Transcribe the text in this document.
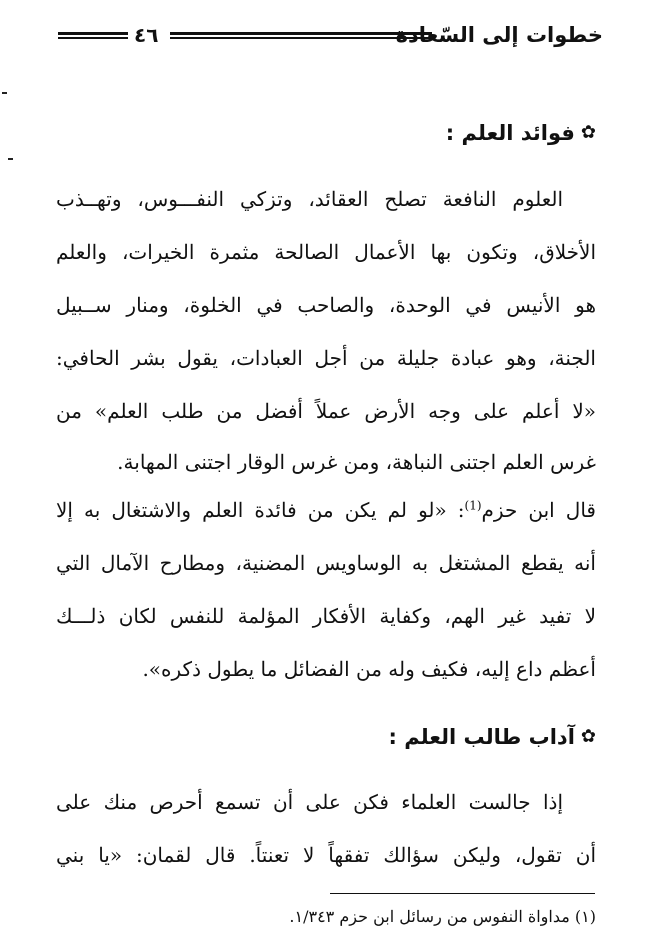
٤٦	خطوات إلى السّعادة
✿
فوائد العلم :
العلوم النافعة تصلح العقائد، وتزكي النفـــوس، وتهــذب
الأخلاق، وتكون بها الأعمال الصالحة مثمرة الخيرات، والعلم
هو الأنيس في الوحدة، والصاحب في الخلوة، ومنار ســبيل
الجنة، وهو عبادة جليلة من أجل العبادات، يقول بشر الحافي:
«لا أعلم على وجه الأرض عملاً أفضل من طلب العلم» من
غرس العلم اجتنى النباهة، ومن غرس الوقار اجتنى المهابة.
قال ابن حزم$^{(1)}$: «لو لم يكن من فائدة العلم والاشتغال به إلا
أنه يقطع المشتغل به الوساويس المضنية، ومطارح الآمال التي
لا تفيد غير الهم، وكفاية الأفكار المؤلمة للنفس لكان ذلـــك
أعظم داع إليه، فكيف وله من الفضائل ما يطول ذكره».
✿
آداب طالب العلم :
إذا جالست العلماء فكن على أن تسمع أحرص منك على
أن تقول، وليكن سؤالك تفقهاً لا تعنتاً. قال لقمان: «يا بني
(١) مداواة النفوس من رسائل ابن حزم ١/٣٤٣.
